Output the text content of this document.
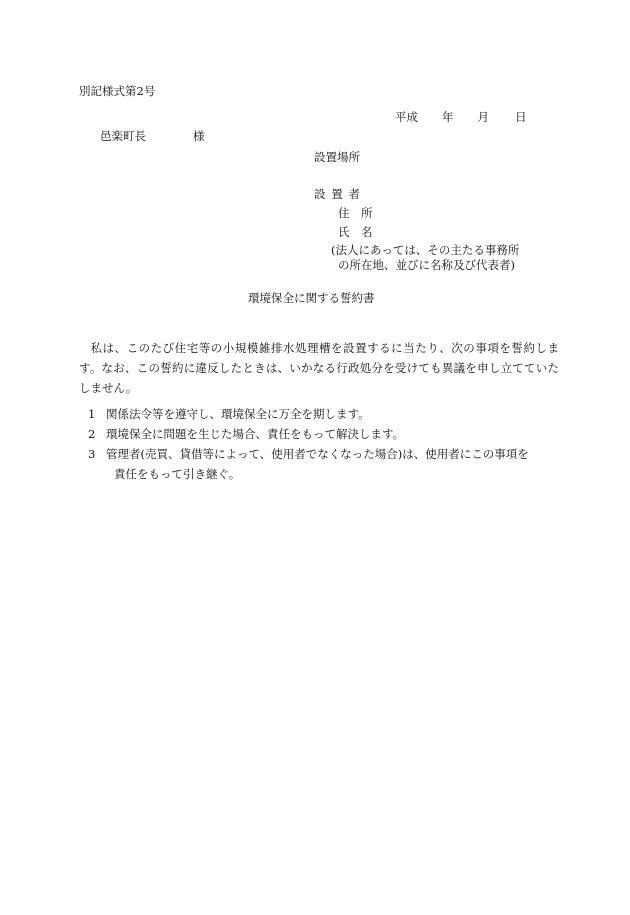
別記様式第2号
平成 年 月 日
邑楽町長	様
設置場所
設置者
住所
氏名
(法人にあっては、その主たる事務所
の所在地、並びに名称及び代表者)
環境保全に関する誓約書

私は、このたび住宅等の小規模雑排水処理槽を設置するに当たり、次の事項を誓約します。なお、この誓約に違反したときは、いかなる行政処分を受けても異議を申し立てていたしません。

1 関係法令等を遵守し、環境保全に万全を期します。
2 環境保全に問題を生じた場合、責任をもって解決します。
3 管理者(売買、貸借等によって、使用者でなくなった場合)は、使用者にこの事項を
責任をもって引き継ぐ。
